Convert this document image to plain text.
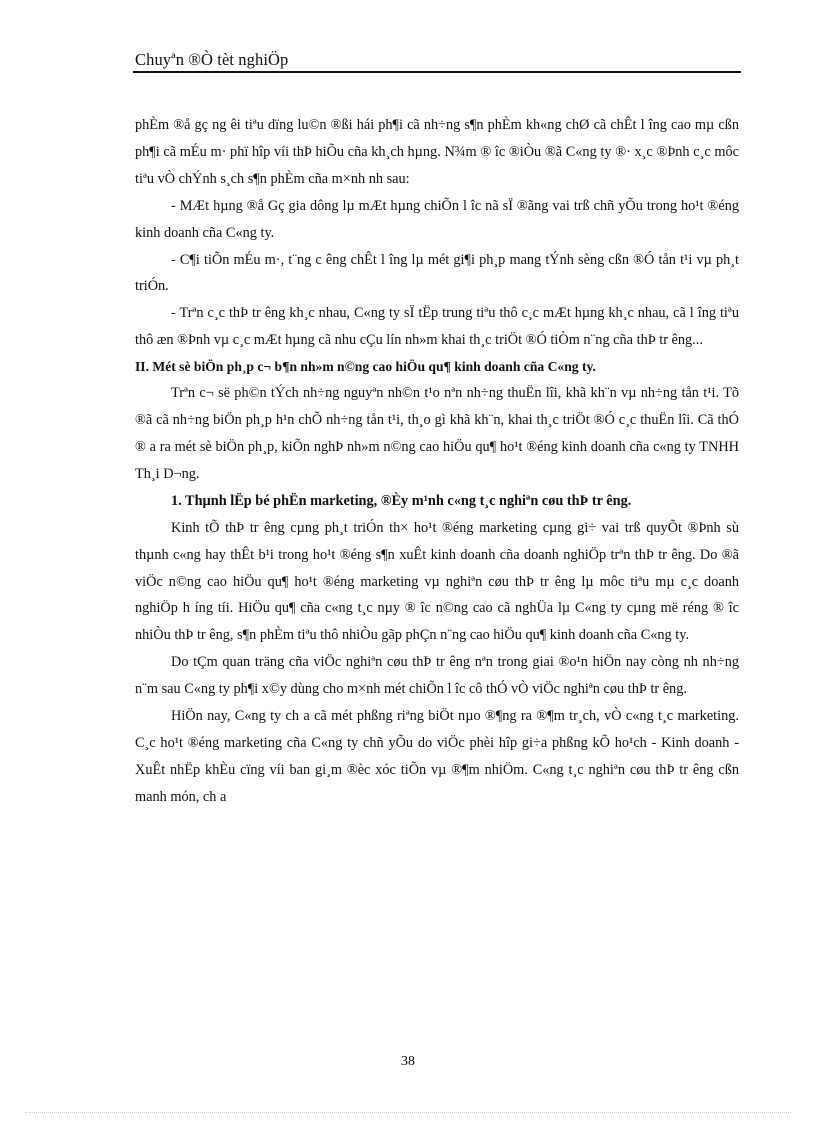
Chuyªn ®Ò tèt nghiÖp

phÈm ®å gç ng êi tiªu dïng lu©n ®ßi hái ph¶i cã nh÷ng s¶n phÈm kh«ng chØ cã chÊt l îng cao mµ cßn ph¶i cã mÉu m· phï hîp víi thÞ hiÕu cña kh¸ch hµng. N¾m ® îc ®iÒu ®ã C«ng ty ®· x¸c ®Þnh c¸c môc tiªu vÒ chÝnh s¸ch s¶n phÈm cña m×nh nh sau:

- MÆt hµng ®å Gç gia dông lµ mÆt hµng chiÕn l îc nã sÏ ®ãng vai trß chñ yÕu trong ho¹t ®éng kinh doanh cña C«ng ty.

- C¶i tiÕn mÉu m·, t¨ng c êng chÊt l îng lµ mét gi¶i ph¸p mang tÝnh sèng cßn ®Ó tån t¹i vµ ph¸t triÓn.

- Trªn c¸c thÞ tr êng kh¸c nhau, C«ng ty sÏ tËp trung tiªu thô c¸c mÆt hµng kh¸c nhau, cã l îng tiªu thô æn ®Þnh vµ c¸c mÆt hµng cã nhu cÇu lín nh»m khai th¸c triÖt ®Ó tiÒm n¨ng cña thÞ tr êng...

II. Mét sè biÖn ph¸p c¬ b¶n nh»m n©ng cao hiÖu qu¶ kinh doanh cña C«ng ty.

Trªn c¬ së ph©n tÝch nh÷ng nguyªn nh©n t¹o nªn nh÷ng thuËn lîi, khã kh¨n vµ nh÷ng tån t¹i. Tõ ®ã cã nh÷ng biÖn ph¸p h¹n chÕ nh÷ng tån t¹i, th¸o gì khã kh¨n, khai th¸c triÖt ®Ó c¸c thuËn lîi. Cã thÓ ® a ra mét sè biÖn ph¸p, kiÕn nghÞ nh»m n©ng cao hiÖu qu¶ ho¹t ®éng kinh doanh cña c«ng ty TNHH Th¸i D¬ng.

1. Thµnh lËp bé phËn marketing, ®Èy m¹nh c«ng t¸c nghiªn cøu thÞ tr êng.

Kinh tÕ thÞ tr êng cµng ph¸t triÓn th× ho¹t ®éng marketing cµng gi÷ vai trß quyÕt ®Þnh sù thµnh c«ng hay thÊt b¹i trong ho¹t ®éng s¶n xuÊt kinh doanh cña doanh nghiÖp trªn thÞ tr êng. Do ®ã viÖc n©ng cao hiÖu qu¶ ho¹t ®éng marketing vµ nghiªn cøu thÞ tr êng lµ môc tiªu mµ c¸c doanh nghiÖp h íng tíi. HiÖu qu¶ cña c«ng t¸c nµy ® îc n©ng cao cã nghÜa lµ C«ng ty cµng më réng ® îc nhiÒu thÞ tr êng, s¶n phÈm tiªu thô nhiÒu gãp phÇn n¨ng cao hiÖu qu¶ kinh doanh cña C«ng ty.

Do tÇm quan träng cña viÖc nghiªn cøu thÞ tr êng nªn trong giai ®o¹n hiÖn nay còng nh nh÷ng n¨m sau C«ng ty ph¶i x©y dùng cho m×nh mét chiÕn l îc cô thÓ vÒ viÖc nghiªn cøu thÞ tr êng.

HiÖn nay, C«ng ty ch a cã mét phßng riªng biÖt nµo ®¶ng ra ®¶m tr¸ch, vÒ c«ng t¸c marketing. C¸c ho¹t ®éng marketing cña C«ng ty chñ yÕu do viÖc phèi hîp gi÷a phßng kÕ ho¹ch - Kinh doanh - XuÊt nhËp khÈu cïng víi ban gi¸m ®èc xóc tiÕn vµ ®¶m nhiÖm. C«ng t¸c nghiªn cøu thÞ tr êng cßn manh món, ch a

38
